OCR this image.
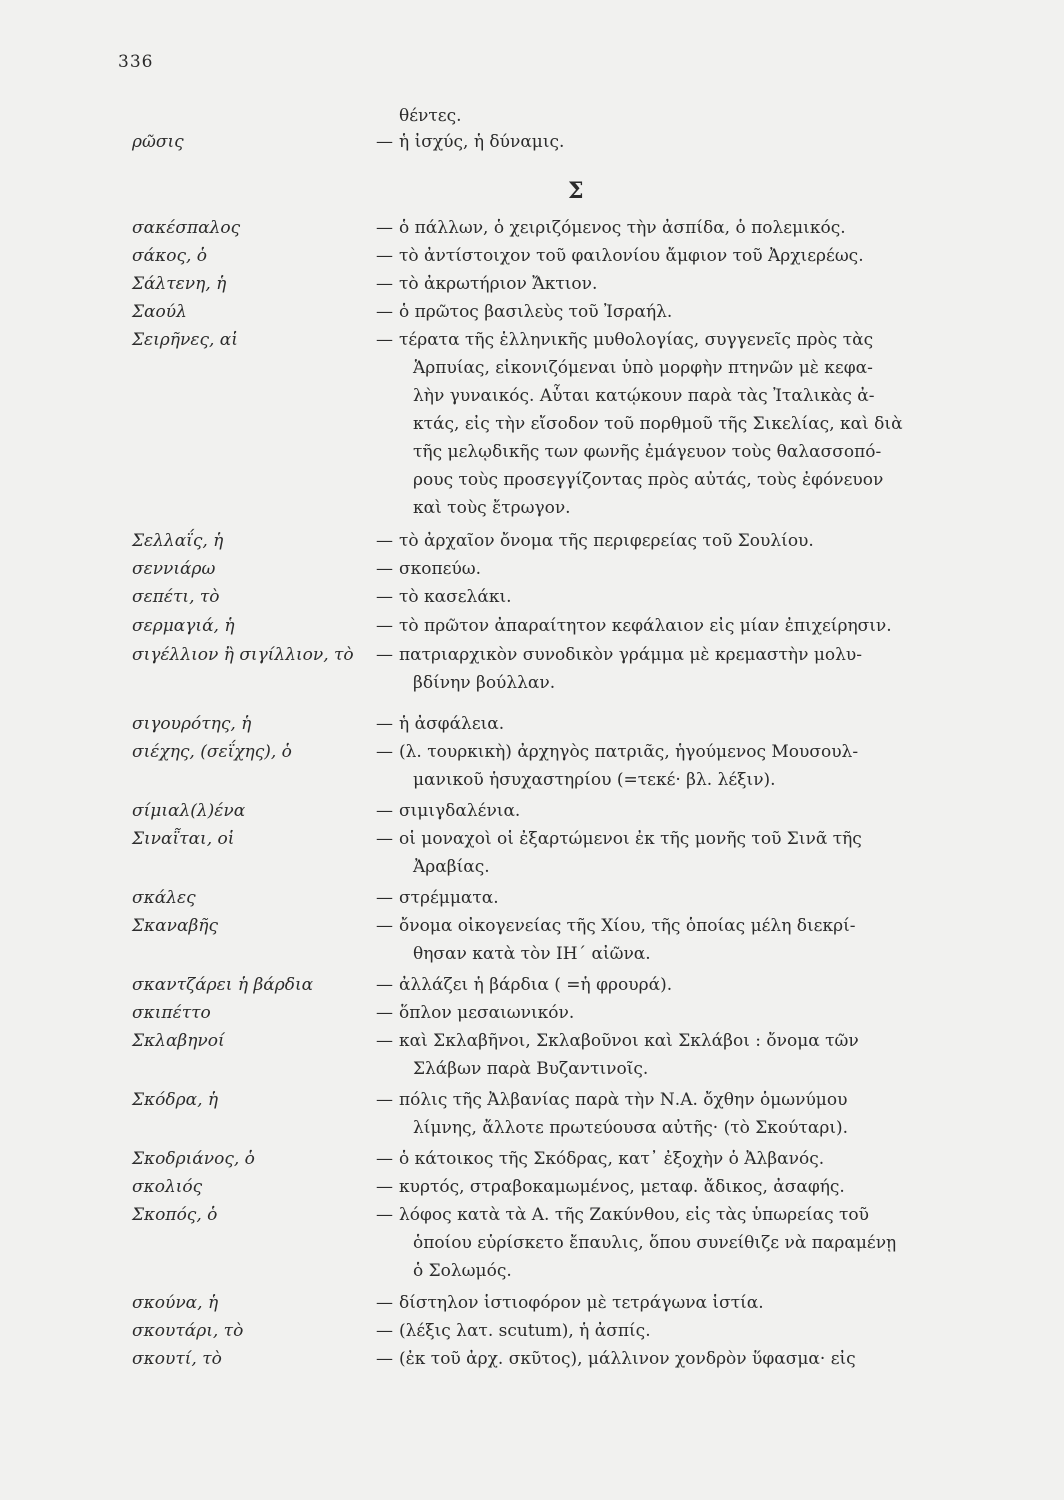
336
θέντες.
Σ
ρῶσις	— ἡ ἰσχύς, ἡ δύναμις.
σακέσπαλος	— ὁ πάλλων, ὁ χειριζόμενος τὴν ἀσπίδα, ὁ πολεμικός.
σάκος, ὁ	— τὸ ἀντίστοιχον τοῦ φαιλονίου ἄμφιον τοῦ Ἀρχιερέως.
Σάλτενη, ἡ	— τὸ ἀκρωτήριον Ἄκτιον.
Σαούλ	— ὁ πρῶτος βασιλεὺς τοῦ Ἰσραήλ.
Σειρῆνες, αἱ	— τέρατα τῆς ἑλληνικῆς μυθολογίας, συγγενεῖς πρὸς τὰς
Ἁρπυίας, εἰκονιζόμεναι ὑπὸ μορφὴν πτηνῶν μὲ κεφα-
λὴν γυναικός. Αὗται κατῴκουν παρὰ τὰς Ἰταλικὰς ἀ-
κτάς, εἰς τὴν εἴσοδον τοῦ πορθμοῦ τῆς Σικελίας, καὶ διὰ
τῆς μελῳδικῆς των φωνῆς ἐμάγευον τοὺς θαλασσοπό-
ρους τοὺς προσεγγίζοντας πρὸς αὐτάς, τοὺς ἐφόνευον
καὶ τοὺς ἔτρωγον.
Σελλαΐς, ἡ	— τὸ ἀρχαῖον ὄνομα τῆς περιφερείας τοῦ Σουλίου.
σεννιάρω	— σκοπεύω.
σεπέτι, τὸ	— τὸ κασελάκι.
σερμαγιά, ἡ	— τὸ πρῶτον ἀπαραίτητον κεφάλαιον εἰς μίαν ἐπιχείρησιν.
σιγέλλιον ἢ σιγίλλιον, τὸ	— πατριαρχικὸν συνοδικὸν γράμμα μὲ κρεμαστὴν μολυ-
βδίνην βούλλαν.
σιγουρότης, ἡ	— ἡ ἀσφάλεια.
σιέχης, (σεΐχης), ὁ	— (λ. τουρκικὴ) ἀρχηγὸς πατριᾶς, ἡγούμενος Μουσουλ-
μανικοῦ ἡσυχαστηρίου (=τεκέ· βλ. λέξιν).
σίμιαλ(λ)ένα	— σιμιγδαλένια.
Σιναῗται, οἱ	— οἱ μοναχοὶ οἱ ἐξαρτώμενοι ἐκ τῆς μονῆς τοῦ Σινᾶ τῆς
Ἀραβίας.
σκάλες	— στρέμματα.
Σκαναβῆς	— ὄνομα οἰκογενείας τῆς Χίου, τῆς ὁποίας μέλη διεκρί-
θησαν κατὰ τὸν ΙΗ΄ αἰῶνα.
σκαντζάρει ἡ βάρδια	— ἀλλάζει ἡ βάρδια ( =ἡ φρουρά).
σκιπέττο	— ὅπλον μεσαιωνικόν.
Σκλαβηνοί	— καὶ Σκλαβῆνοι, Σκλαβοῦνοι καὶ Σκλάβοι : ὄνομα τῶν
Σλάβων παρὰ Βυζαντινοῖς.
Σκόδρα, ἡ	— πόλις τῆς Ἀλβανίας παρὰ τὴν Ν.Α. ὄχθην ὁμωνύμου
λίμνης, ἄλλοτε πρωτεύουσα αὐτῆς· (τὸ Σκούταρι).
Σκοδριάνος, ὁ	— ὁ κάτοικος τῆς Σκόδρας, κατ᾽ ἐξοχὴν ὁ Ἀλβανός.
σκολιός	— κυρτός, στραβοκαμωμένος, μεταφ. ἄδικος, ἀσαφής.
Σκοπός, ὁ	— λόφος κατὰ τὰ Α. τῆς Ζακύνθου, εἰς τὰς ὑπωρείας τοῦ
ὁποίου εὑρίσκετο ἔπαυλις, ὅπου συνείθιζε νὰ παραμένῃ
ὁ Σολωμός.
σκούνα, ἡ	— δίστηλον ἱστιοφόρον μὲ τετράγωνα ἱστία.
σκουτάρι, τὸ	— (λέξις λατ. scutum), ἡ ἀσπίς.
σκουτί, τὸ	— (ἐκ τοῦ ἀρχ. σκῦτος), μάλλινον χονδρὸν ὕφασμα· εἰς
